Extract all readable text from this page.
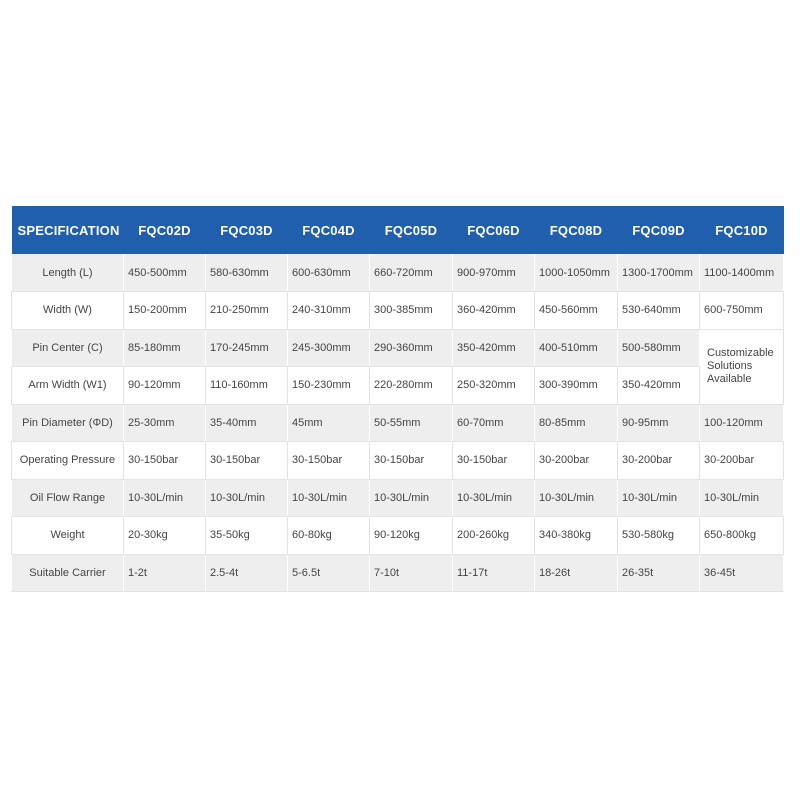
SPECIFICATION	FQC02D	FQC03D	FQC04D	FQC05D	FQC06D	FQC08D	FQC09D	FQC10D
Length (L)	450-500mm	580-630mm	600-630mm	660-720mm	900-970mm	1000-1050mm	1300-1700mm	1100-1400mm
Width (W)	150-200mm	210-250mm	240-310mm	300-385mm	360-420mm	450-560mm	530-640mm	600-750mm
Pin Center (C)	85-180mm	170-245mm	245-300mm	290-360mm	350-420mm	400-510mm	500-580mm	Customizable Solutions Available
Arm Width (W1)	90-120mm	110-160mm	150-230mm	220-280mm	250-320mm	300-390mm	350-420mm	
Pin Diameter (ΦD)	25-30mm	35-40mm	45mm	50-55mm	60-70mm	80-85mm	90-95mm	100-120mm
Operating Pressure	30-150bar	30-150bar	30-150bar	30-150bar	30-150bar	30-200bar	30-200bar	30-200bar
Oil Flow Range	10-30L/min	10-30L/min	10-30L/min	10-30L/min	10-30L/min	10-30L/min	10-30L/min	10-30L/min
Weight	20-30kg	35-50kg	60-80kg	90-120kg	200-260kg	340-380kg	530-580kg	650-800kg
Suitable Carrier	1-2t	2.5-4t	5-6.5t	7-10t	11-17t	18-26t	26-35t	36-45t
